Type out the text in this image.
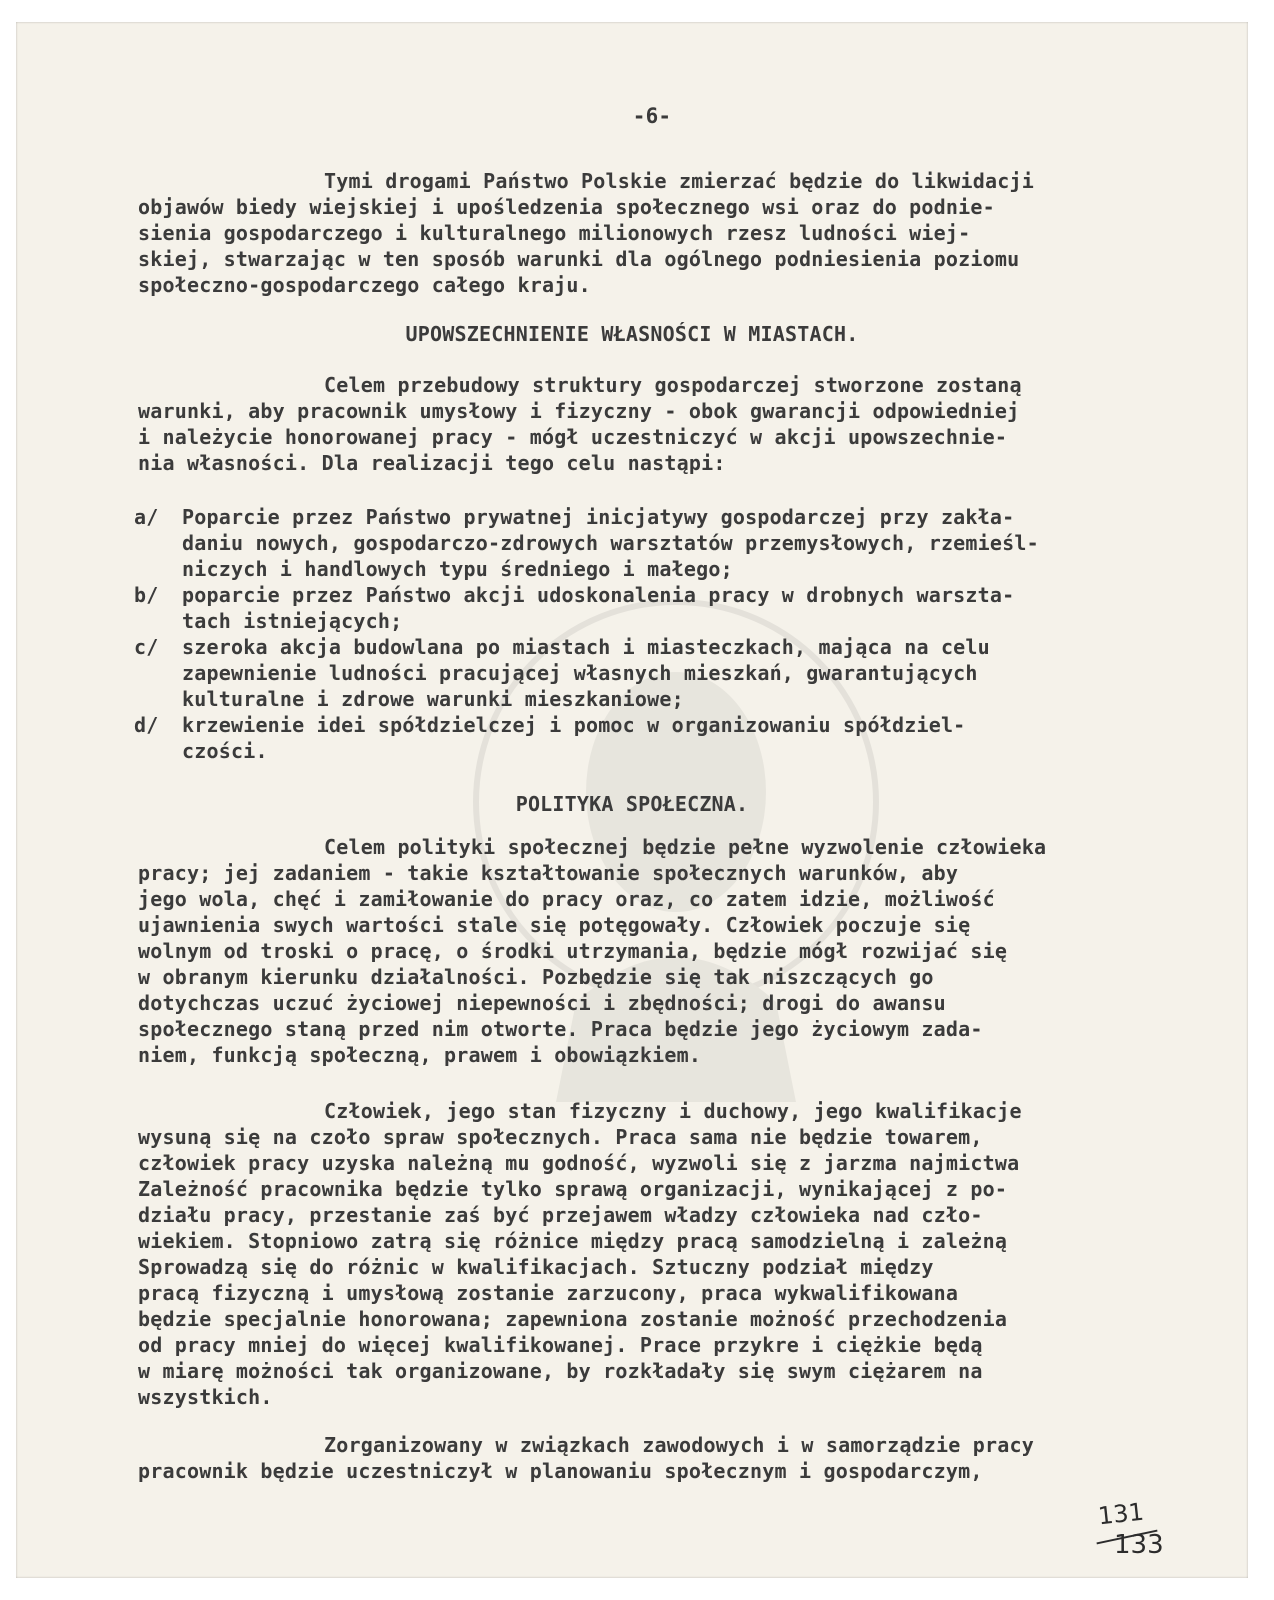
-6-
Tymi drogami Państwo Polskie zmierzać będzie do likwidacji
objawów biedy wiejskiej i upośledzenia społecznego wsi oraz do podnie-
sienia gospodarczego i kulturalnego milionowych rzesz ludności wiej-
skiej, stwarzając w ten sposób warunki dla ogólnego podniesienia poziomu
społeczno-gospodarczego całego kraju.
UPOWSZECHNIENIE WŁASNOŚCI W MIASTACH.
Celem przebudowy struktury gospodarczej stworzone zostaną
warunki, aby pracownik umysłowy i fizyczny - obok gwarancji odpowiedniej
i należycie honorowanej pracy - mógł uczestniczyć w akcji upowszechnie-
nia własności. Dla realizacji tego celu nastąpi:
a/ Poparcie przez Państwo prywatnej inicjatywy gospodarczej przy zakła-
daniu nowych, gospodarczo-zdrowych warsztatów przemysłowych, rzemieśl-
niczych i handlowych typu średniego i małego;
b/ poparcie przez Państwo akcji udoskonalenia pracy w drobnych warszta-
tach istniejących;
c/ szeroka akcja budowlana po miastach i miasteczkach, mająca na celu
zapewnienie ludności pracującej własnych mieszkań, gwarantujących
kulturalne i zdrowe warunki mieszkaniowe;
d/ krzewienie idei spółdzielczej i pomoc w organizowaniu spółdziel-
czości.
POLITYKA SPOŁECZNA.
Celem polityki społecznej będzie pełne wyzwolenie człowieka
pracy; jej zadaniem - takie kształtowanie społecznych warunków, aby
jego wola, chęć i zamiłowanie do pracy oraz, co zatem idzie, możliwość
ujawnienia swych wartości stale się potęgowały. Człowiek poczuje się
wolnym od troski o pracę, o środki utrzymania, będzie mógł rozwijać się
w obranym kierunku działalności. Pozbędzie się tak niszczących go
dotychczas uczuć życiowej niepewności i zbędności; drogi do awansu
społecznego staną przed nim otworte. Praca będzie jego życiowym zada-
niem, funkcją społeczną, prawem i obowiązkiem.
Człowiek, jego stan fizyczny i duchowy, jego kwalifikacje
wysuną się na czoło spraw społecznych. Praca sama nie będzie towarem,
człowiek pracy uzyska należną mu godność, wyzwoli się z jarzma najmictwa
Zależność pracownika będzie tylko sprawą organizacji, wynikającej z po-
działu pracy, przestanie zaś być przejawem władzy człowieka nad czło-
wiekiem. Stopniowo zatrą się różnice między pracą samodzielną i zależną
Sprowadzą się do różnic w kwalifikacjach. Sztuczny podział między
pracą fizyczną i umysłową zostanie zarzucony, praca wykwalifikowana
będzie specjalnie honorowana; zapewniona zostanie możność przechodzenia
od pracy mniej do więcej kwalifikowanej. Prace przykre i ciężkie będą
w miarę możności tak organizowane, by rozkładały się swym ciężarem na
wszystkich.
Zorganizowany w związkach zawodowych i w samorządzie pracy
pracownik będzie uczestniczył w planowaniu społecznym i gospodarczym,
131
133
